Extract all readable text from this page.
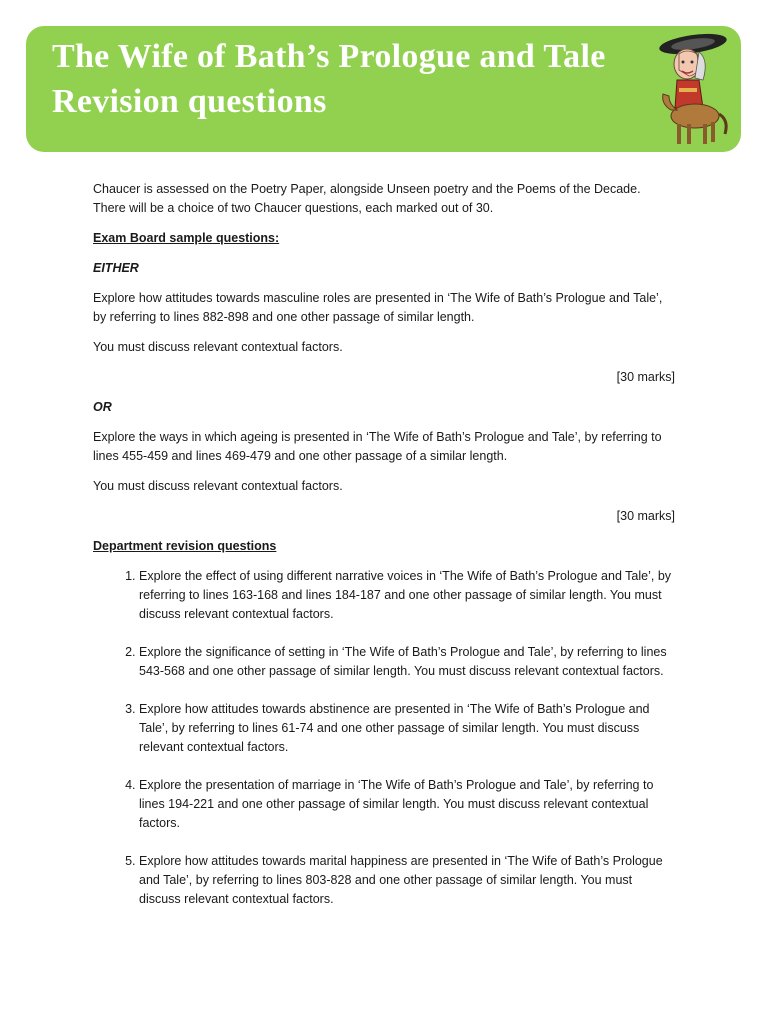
The Wife of Bath’s Prologue and Tale
Revision questions

Chaucer is assessed on the Poetry Paper, alongside Unseen poetry and the Poems of the Decade. There will be a choice of two Chaucer questions, each marked out of 30.

Exam Board sample questions:

EITHER

Explore how attitudes towards masculine roles are presented in ‘The Wife of Bath’s Prologue and Tale’, by referring to lines 882-898 and one other passage of similar length.

You must discuss relevant contextual factors.

[30 marks]

OR

Explore the ways in which ageing is presented in ‘The Wife of Bath’s Prologue and Tale’, by referring to lines 455-459 and lines 469-479 and one other passage of a similar length.

You must discuss relevant contextual factors.

[30 marks]

Department revision questions

1. Explore the effect of using different narrative voices in ‘The Wife of Bath’s Prologue and Tale’, by referring to lines 163-168 and lines 184-187 and one other passage of similar length. You must discuss relevant contextual factors.
2. Explore the significance of setting in ‘The Wife of Bath’s Prologue and Tale’, by referring to lines 543-568 and one other passage of similar length. You must discuss relevant contextual factors.
3. Explore how attitudes towards abstinence are presented in ‘The Wife of Bath’s Prologue and Tale’, by referring to lines 61-74 and one other passage of similar length. You must discuss relevant contextual factors.
4. Explore the presentation of marriage in ‘The Wife of Bath’s Prologue and Tale’, by referring to lines 194-221 and one other passage of similar length. You must discuss relevant contextual factors.
5. Explore how attitudes towards marital happiness are presented in ‘The Wife of Bath’s Prologue and Tale’, by referring to lines 803-828 and one other passage of similar length. You must discuss relevant contextual factors.
